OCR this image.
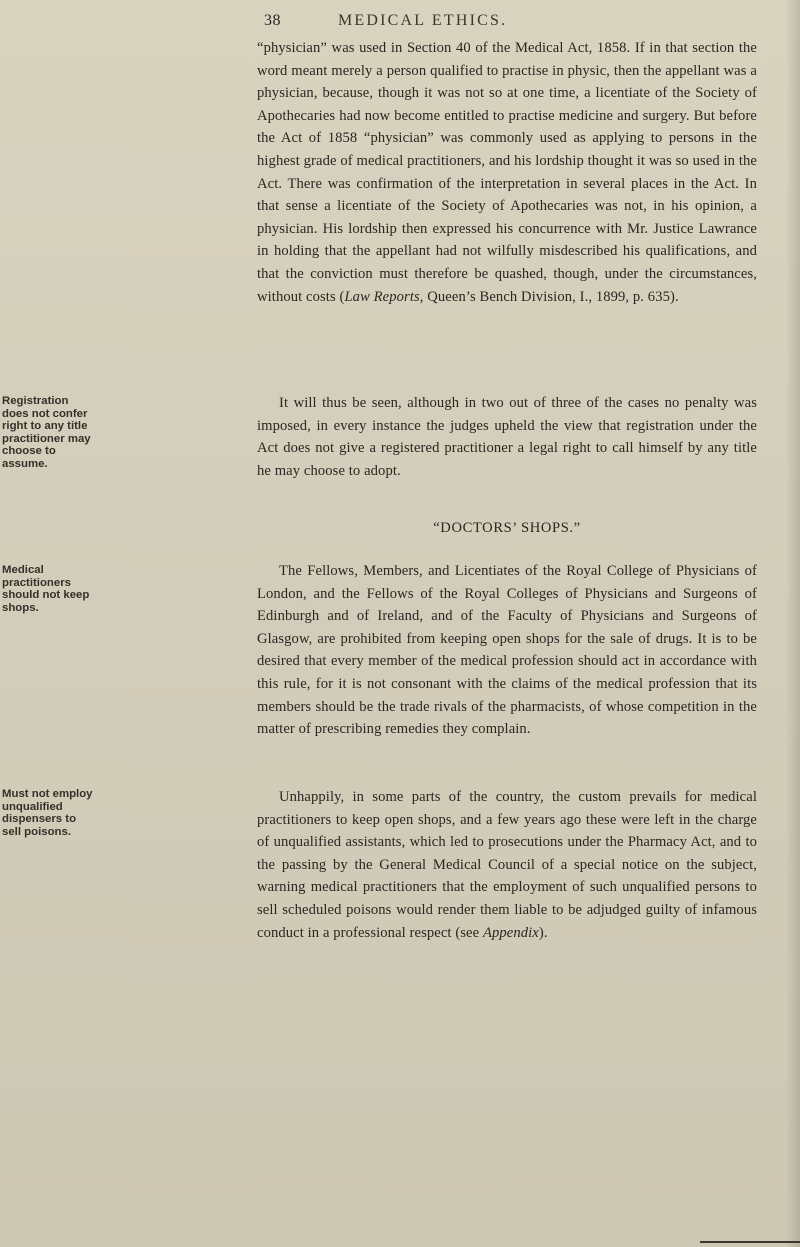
38	MEDICAL ETHICS.

“physician” was used in Section 40 of the Medical Act, 1858. If in that section the word meant merely a person qualified to practise in physic, then the appellant was a physician, because, though it was not so at one time, a licentiate of the Society of Apothecaries had now become entitled to practise medicine and surgery. But before the Act of 1858 “physician” was commonly used as applying to persons in the highest grade of medical practitioners, and his lordship thought it was so used in the Act. There was confirmation of the interpretation in several places in the Act. In that sense a licentiate of the Society of Apothecaries was not, in his opinion, a physician. His lordship then expressed his concurrence with Mr. Justice Lawrance in holding that the appellant had not wilfully misdescribed his qualifications, and that the conviction must therefore be quashed, though, under the circumstances, without costs (Law Reports, Queen’s Bench Division, I., 1899, p. 635).

Registration does not confer right to any title practitioner may choose to assume.

It will thus be seen, although in two out of three of the cases no penalty was imposed, in every instance the judges upheld the view that registration under the Act does not give a registered practitioner a legal right to call himself by any title he may choose to adopt.

“DOCTORS’ SHOPS.”
Medical practitioners should not keep shops.

The Fellows, Members, and Licentiates of the Royal College of Physicians of London, and the Fellows of the Royal Colleges of Physicians and Surgeons of Edinburgh and of Ireland, and of the Faculty of Physicians and Surgeons of Glasgow, are prohibited from keeping open shops for the sale of drugs. It is to be desired that every member of the medical profession should act in accordance with this rule, for it is not consonant with the claims of the medical profession that its members should be the trade rivals of the pharmacists, of whose competition in the matter of prescribing remedies they complain.

Must not employ unqualified dispensers to sell poisons.

Unhappily, in some parts of the country, the custom prevails for medical practitioners to keep open shops, and a few years ago these were left in the charge of unqualified assistants, which led to prosecutions under the Pharmacy Act, and to the passing by the General Medical Council of a special notice on the subject, warning medical practitioners that the employment of such unqualified persons to sell scheduled poisons would render them liable to be adjudged guilty of infamous conduct in a professional respect (see Appendix).
